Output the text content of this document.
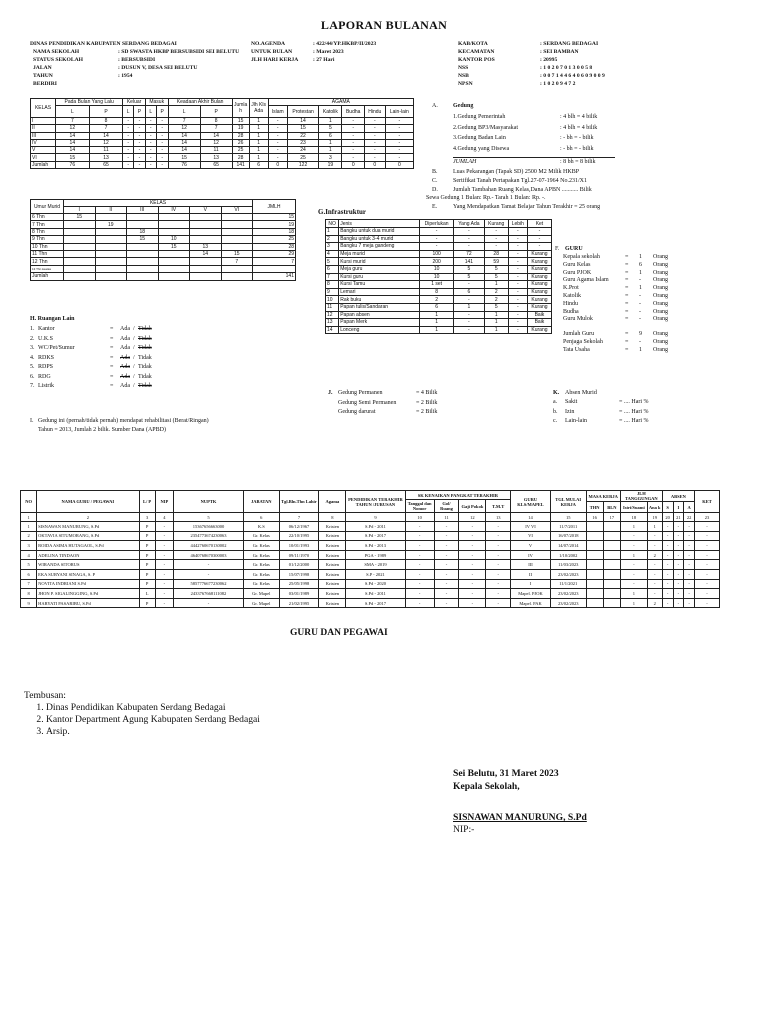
LAPORAN BULANAN
DINAS PENDIDIKAN KABUPATEN SERDANG BEDAGAI
NAMA SEKOLAH	: SD SWASTA HKBP BERSUBSIDI SEI BELUTU
STATUS SEKOLAH	: BERSUBSIDI
JALAN	: DUSUN V, DESA SEI BELUTU
TAHUN	: 1954
BERDIRI
NO.AGENDA	: 422/44/YP.HKBP/II/2023
UNTUK BULAN	: Maret 2023
JLH HARI KERJA	: 27 Hari
KAB/KOTA	: SERDANG BEDAGAI
KECAMATAN	: SEI BAMBAN
KANTOR POS	: 20995
NSS	: 1 0 2 0 7 0 1 3 0 0 5 8
NSB	: 0 0 7 1 4 4 6 4 0 6 0 9 0 0 9
NPSN	: 1 0 2 0 9 4 7 2
KELAS	Pada Bulan Yang Lalu		Keluar		Masuk		Keadaan Akhir Bulan		Jumla h	Jlh Kls Ada	AGAMA					
	L	P	L	P	L	P	L	P			Islam	Protestan	Katolik	Budha	Hindu	Lain-lain
I	7	8	-	-	-	-	7	8	15	1	-	14	1	-	-	-
II	12	7	-	-	-	-	12	7	19	1	-	15	5	-	-	-
III	14	14	-	-	-	-	14	14	28	1	-	22	6	-	-	-
IV	14	12	-	-	-	-	14	12	26	1	-	23	1	-	-	-
V	14	11	-	-	-	-	14	11	25	1	-	24	1	-	-	-
VI	15	13	-	-	-	-	15	13	28	1	-	25	3	-	-	-
Jumlah	76	65	-	-	-	-	76	65	141	6	0	122	19	0	0	0
Umur Murid	KELAS						JMLH
	I	II	III	IV	V	VI	
6 Thn	15						15
7 Thn		19					19
8 Thn			18				18
9 Thn			15	10			25
10 Thn				15	13		28
11 Thn					14	15	29
12 Thn						7	7
13 Thn keatas							
Jumlah							141
A.	Gedung
1.Gedung Pemerintah	: 4 blh = 4 bilik
2.Gedung BP3/Masyarakat	: 4 blh = 4 bilik
3.Gedung Badan Lain	: - bh = - bilik
4.Gedung yang Disewa	: - bh = - bilik
JUMLAH	: 8 bh = 8 bilik
B.	Luas Pekarangan (Tapak SD) 2500 M2 Milik HKBP
C.	Sertifikat Tanah Pertapakan Tgl.27-07-1964 No.231/X1
D.	Jumlah Tambahan Ruang Kelas,Dana APBN ........... Bilik
Sewa Gedung 1 Bulan: Rp.- Tarah 1 Bulan: Rp. -.
E.	Yang Mendapatkan Tamat Belajar Tahun Terakhir = 25 orang
G.Infrastruktur
NO	Jenis	Diperlukan	Yang Ada	Kurang	Lebih	Ket
1	Bangku untuk dua murid	-	-	-	-	-
2	Bangku untuk 3-4 murid	-	-	-	-	-
3	Bangku 7 meja gandeng	-	-	-	-	-
4	Meja murid	100	72	28	-	Kurang
5	Kursi murid	200	141	59	-	Kurang
6	Meja guru	10	5	5	-	Kurang
7	Kursi guru	10	5	5	-	Kurang
8	Kursi Tamu	1 set	-	1	-	Kurang
9	Lemari	8	6	2	-	Kurang
10	Rak buku	2	-	2	-	Kurang
11	Papan tulis/Sandaran	6	1	5	-	Kurang
12	Papan absen	1	-	1	-	Baik
13	Papan Merk	1	-	1	-	Baik
14	Lonceng	1	-	1	-	Kurang
F. GURU
Kepala sekolah	= 1 Orang
Guru Kelas	= 6 Orang
Guru PJOK	= 1 Orang
Guru Agama Islam	= - Orang
K.Prot	= 1 Orang
Katolik	= - Orang
Hindu	= - Orang
Budha	= - Orang
Guru Mulok	= - Orang
Jumlah Guru	= 9 Orang
Penjaga Sekolah	= - Orang
Tata Usaha	= 1 Orang
H. Ruangan Lain
1. Kantor	= Ada / Tidak
2. U.K.S	= Ada / Tidak
3. WC/Pet/Sumur	= Ada / Tidak
4. RDKS	= Ada / Tidak
5. RDPS	= Ada / Tidak
6. RDG	= Ada / Tidak
7. Listrik	= Ada / Tidak
J. Gedung Permanen	= 4 Bilik
Gedung Semi Permanen	= 2 Bilik
Gedung darurat	= 2 Bilik
K. Absen Murid
a. Sakit	= .... Hari %
b. Izin	= .... Hari %
c. Lain-lain	= .... Hari %
I. Gedung ini (pernah/tidak pernah) mendapat rehabilitasi (Berat/Ringan)
Tahun = 2013, Jumlah 2 bilik. Sumber Dana (APBD)
NO	NAMA GURU / PEGAWAI	L/ P	NIP	NUPTK	JABATAN	Tgl.Bln.Thn Lahir	Agama	PENDIDIKAN TERAKHIR TAHUN /JURUSAN	SK KENAIKAN PANGKAT TERAKHIR				GURU KLS/MAPEL	TGL MULAI KERJA	MASA KERJA		JLH TANGGUNGAN		ABSEN			KET
									Tanggal dan Nomor	Gol/ Ruang	Gaji Pokok	T.M.T										
															THN	BLN	Istri/Suami	Ana k	S	I	A	
1	2	3	4	5	6	7	8	9	10	11	12	13	14	15	16	17	18	19	20	21	22	23
1	SISNAWAN MANURUNG, S.Pd	P	-	15367656663000	K.S	06/12/1967	Kristen	S.Pd - 2011	-	-	-	-	IV VI	11/7/2011			1	1	-	-	-	-
2	OKTAVIA SITUMORANG, S.Pd	P	-	2354773674230063	Gr. Kelas	22/10/1995	Kristen	S.Pd - 2017	-	-	-	-	VI	16/07/2018			-	-	-	-	-	-
3	ROIDA ASIMA HUTAGAOL, S.Pd	P	-	4442760670130002	Gr. Kelas	10/01/1993	Kristen	S.Pd - 2013	-	-	-	-	V	14/07/2014			-	-	-	-	-	-
4	ADELINA TINDAON	P	-	4640768670300003	Gr. Kelas	09/11/1970	Kristen	PGA - 1989	-	-	-	-	IV	1/10/2002			1	2	-	-	-	-
5	WIRANDA SITORUS	P	-	-	Gr. Kelas	01/12/2000	Kristen	SMA - 2019	-	-	-	-	III	11/03/2023			-	-	-	-	-	-
6	EKA SURYANI SINAGA, S. P	P	-	-	Gr. Kelas	15/07/1998	Kristen	S.P - 2021	-	-	-	-	II	23/02/2023			-	-	-	-	-	-
7	NOVITA INDRIANI S.Pd	P	-	5857776677230062	Gr. Kelas	25/05/1998	Kristen	S.Pd - 2020	-	-	-	-	I	11/1/2021			-	-	-	-	-	-
8	JHON P. SIGALINGGING, S.Pd	L	-	2433767668111082	Gr. Mapel	03/01/1989	Kristen	S.Pd - 2011	-	-	-	-	Mapel. PJOK	23/02/2023			1	-	-	-	-	-
9	HARYATI PASARIBU, S.Pd	P	-	-	Gr. Mapel	21/02/1995	Kristen	S.Pd - 2017	-	-	-	-	Mapel. PAK	23/02/2023			1	2	-	-	-	-
GURU DAN PEGAWAI
Tembusan:
1. Dinas Pendidikan Kabupaten Serdang Bedagai
2. Kantor Department Agung Kabupaten Serdang Bedagai
3. Arsip.
Sei Belutu, 31 Maret 2023
Kepala Sekolah,
SISNAWAN MANURUNG, S.Pd
NIP:-
